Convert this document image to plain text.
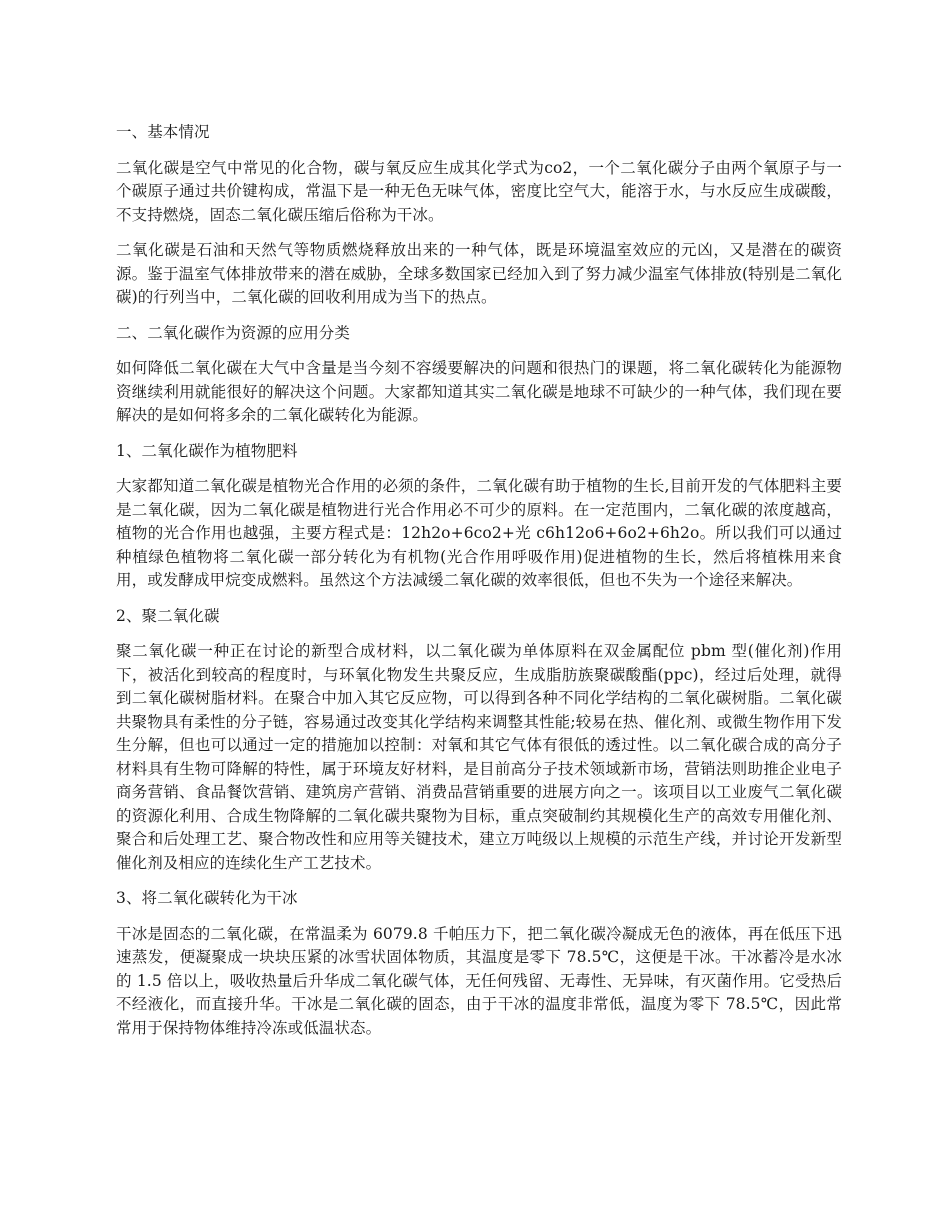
一、基本情况
二氧化碳是空气中常见的化合物，碳与氧反应生成其化学式为co2，一个二氧化碳分子由两个氧原子与一个碳原子通过共价键构成，常温下是一种无色无味气体，密度比空气大，能溶于水，与水反应生成碳酸，不支持燃烧，固态二氧化碳压缩后俗称为干冰。
二氧化碳是石油和天然气等物质燃烧释放出来的一种气体，既是环境温室效应的元凶，又是潜在的碳资源。鉴于温室气体排放带来的潜在威胁，全球多数国家已经加入到了努力减少温室气体排放(特别是二氧化碳)的行列当中，二氧化碳的回收利用成为当下的热点。
二、二氧化碳作为资源的应用分类
如何降低二氧化碳在大气中含量是当今刻不容缓要解决的问题和很热门的课题，将二氧化碳转化为能源物资继续利用就能很好的解决这个问题。大家都知道其实二氧化碳是地球不可缺少的一种气体，我们现在要解决的是如何将多余的二氧化碳转化为能源。
1、二氧化碳作为植物肥料
大家都知道二氧化碳是植物光合作用的必须的条件，二氧化碳有助于植物的生长,目前开发的气体肥料主要是二氧化碳，因为二氧化碳是植物进行光合作用必不可少的原料。在一定范围内，二氧化碳的浓度越高，植物的光合作用也越强，主要方程式是：12h2o+6co2+光 c6h12o6+6o2+6h2o。所以我们可以通过种植绿色植物将二氧化碳一部分转化为有机物(光合作用呼吸作用)促进植物的生长，然后将植株用来食用，或发酵成甲烷变成燃料。虽然这个方法减缓二氧化碳的效率很低，但也不失为一个途径来解决。
2、聚二氧化碳
聚二氧化碳一种正在讨论的新型合成材料，以二氧化碳为单体原料在双金属配位 pbm 型(催化剂)作用下，被活化到较高的程度时，与环氧化物发生共聚反应，生成脂肪族聚碳酸酯(ppc)，经过后处理，就得到二氧化碳树脂材料。在聚合中加入其它反应物，可以得到各种不同化学结构的二氧化碳树脂。二氧化碳共聚物具有柔性的分子链，容易通过改变其化学结构来调整其性能;较易在热、催化剂、或微生物作用下发生分解，但也可以通过一定的措施加以控制：对氧和其它气体有很低的透过性。以二氧化碳合成的高分子材料具有生物可降解的特性，属于环境友好材料，是目前高分子技术领域新市场，营销法则助推企业电子商务营销、食品餐饮营销、建筑房产营销、消费品营销重要的进展方向之一。该项目以工业废气二氧化碳的资源化利用、合成生物降解的二氧化碳共聚物为目标，重点突破制约其规模化生产的高效专用催化剂、聚合和后处理工艺、聚合物改性和应用等关键技术，建立万吨级以上规模的示范生产线，并讨论开发新型催化剂及相应的连续化生产工艺技术。
3、将二氧化碳转化为干冰
干冰是固态的二氧化碳，在常温柔为 6079.8 千帕压力下，把二氧化碳冷凝成无色的液体，再在低压下迅速蒸发，便凝聚成一块块压紧的冰雪状固体物质，其温度是零下 78.5℃，这便是干冰。干冰蓄冷是水冰的 1.5 倍以上，吸收热量后升华成二氧化碳气体，无任何残留、无毒性、无异味，有灭菌作用。它受热后不经液化，而直接升华。干冰是二氧化碳的固态，由于干冰的温度非常低，温度为零下 78.5℃，因此常常用于保持物体维持冷冻或低温状态。
